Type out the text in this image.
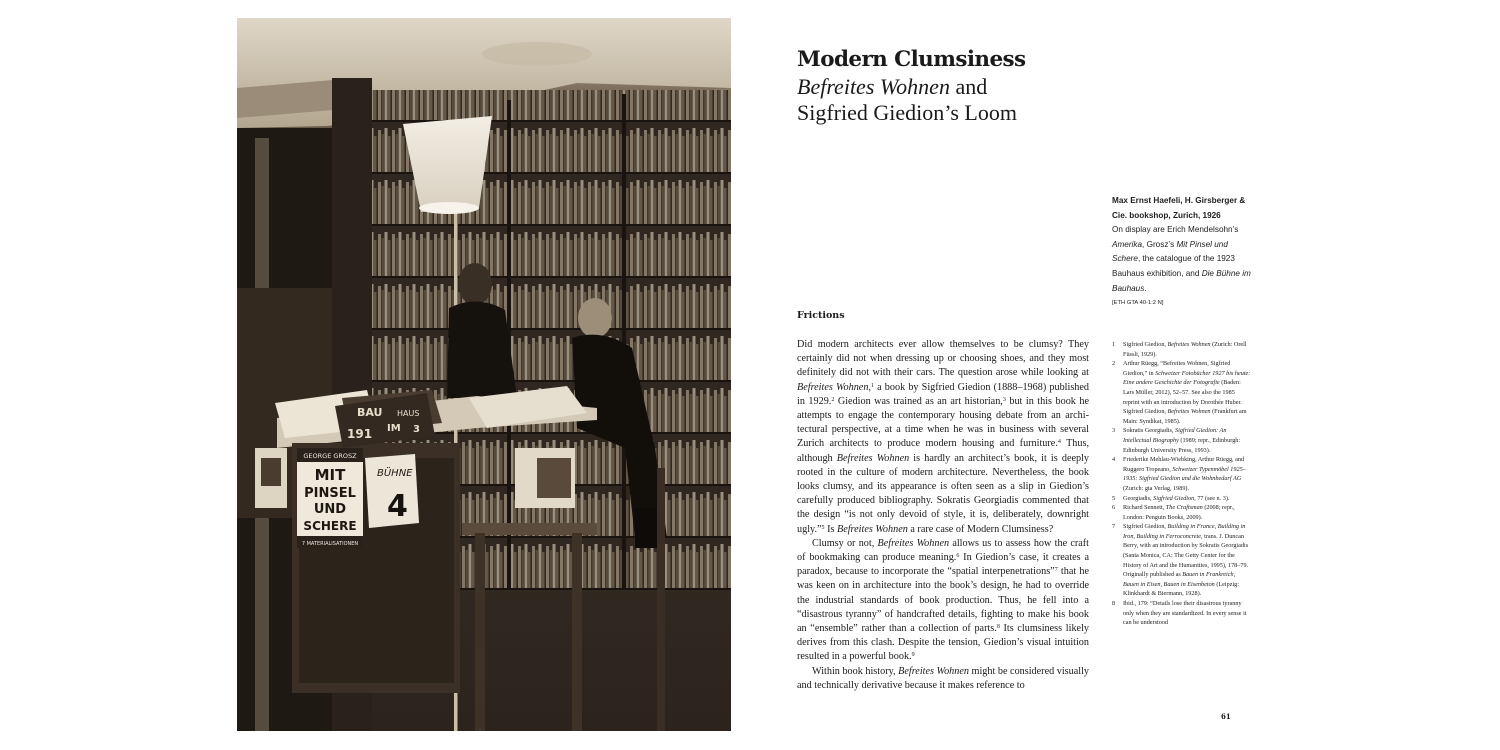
BAU
191
HAUS
IM 3
GEORGE GROSZ
MIT
PINSEL
UND
SCHERE
7 MATERIALISATIONEN
BÜHNE
4
Modern Clumsiness

Befreites Wohnen and

Sigfried Giedion’s Loom

Max Ernst Haefeli, H. Girsberger &
Cie. bookshop, Zurich, 1926
On display are Erich Mendelsohn’s Amerika, Grosz’s Mit Pinsel und Schere, the catalogue of the 1923 Bauhaus exhibition, and Die Bühne im Bauhaus.
[ETH GTA 40-1:2 N]
Frictions

Did modern architects ever allow themselves to be clumsy? They certainly did not when dressing up or choosing shoes, and they most definitely did not with their cars. The question arose while looking at Befreites Wohnen,$^1$ a book by Sigfried Giedion (1888–1968) published in 1929.$^2$ Giedion was trained as an art historian,$^3$ but in this book he attempts to engage the contemporary housing debate from an architectural perspective, at a time when he was in business with several Zurich architects to produce modern housing and furniture.$^4$ Thus, although Befreites Wohnen is hardly an architect’s book, it is deeply rooted in the culture of modern architecture. Nevertheless, the book looks clumsy, and its appearance is often seen as a slip in Giedion’s carefully produced bibliography. Sokratis Georgiadis commented that the design “is not only devoid of style, it is, deliberately, downright ugly.”$^5$ Is Befreites Wohnen a rare case of Modern Clumsiness?

Clumsy or not, Befreites Wohnen allows us to assess how the craft of bookmaking can produce meaning.$^6$ In Giedion’s case, it creates a paradox, because to incorporate the “spatial interpenetrations”$^7$ that he was keen on in architecture into the book’s design, he had to override the industrial standards of book production. Thus, he fell into a “disastrous tyranny” of handcrafted details, fighting to make his book an “ensemble” rather than a collection of parts.$^8$ Its clumsiness likely derives from this clash. Despite the tension, Giedion’s visual intuition resulted in a powerful book.$^9$

Within book history, Befreites Wohnen might be considered visually and technically derivative because it makes reference to

1	Sigfried Giedion, Befreites Wohnen (Zurich: Orell Füssli, 1929).
2	Arthur Rüegg, “Befreites Wohnen, Sigfried Giedion,” in Schweizer Fotobücher 1927 bis heute: Eine andere Geschichte der Fotografie (Baden: Lars Müller, 2012), 52–57. See also the 1985 reprint with an introduction by Dorothée Huber. Sigfried Giedion, Befreites Wohnen (Frankfurt am Main: Syndikat, 1985).
3	Sokratis Georgiadis, Sigfried Giedion: An Intellectual Biography (1989; repr., Edinburgh: Edinburgh University Press, 1993).
4	Friederike Mehlau-Wiebking, Arthur Rüegg, and Ruggero Tropeano, Schweizer Typenmöbel 1925–1935: Sigfried Giedion und die Wohnbedarf AG (Zurich: gta Verlag, 1989).
5	Georgiadis, Sigfried Giedion, 77 (see n. 3).
6	Richard Sennett, The Craftsman (2008; repr., London: Penguin Books, 2009).
7	Sigfried Giedion, Building in France, Building in Iron, Building in Ferroconcrete, trans. J. Duncan Berry, with an introduction by Sokratis Georgiadis (Santa Monica, CA: The Getty Center for the History of Art and the Humanities, 1995), 178–79. Originally published as Bauen in Frankreich, Bauen in Eisen, Bauen in Eisenbeton (Leipzig: Klinkhardt & Biermann, 1928).
8	Ibid., 179: “Details lose their disastrous tyranny only when they are standardized. In every sense it can be understood
61
